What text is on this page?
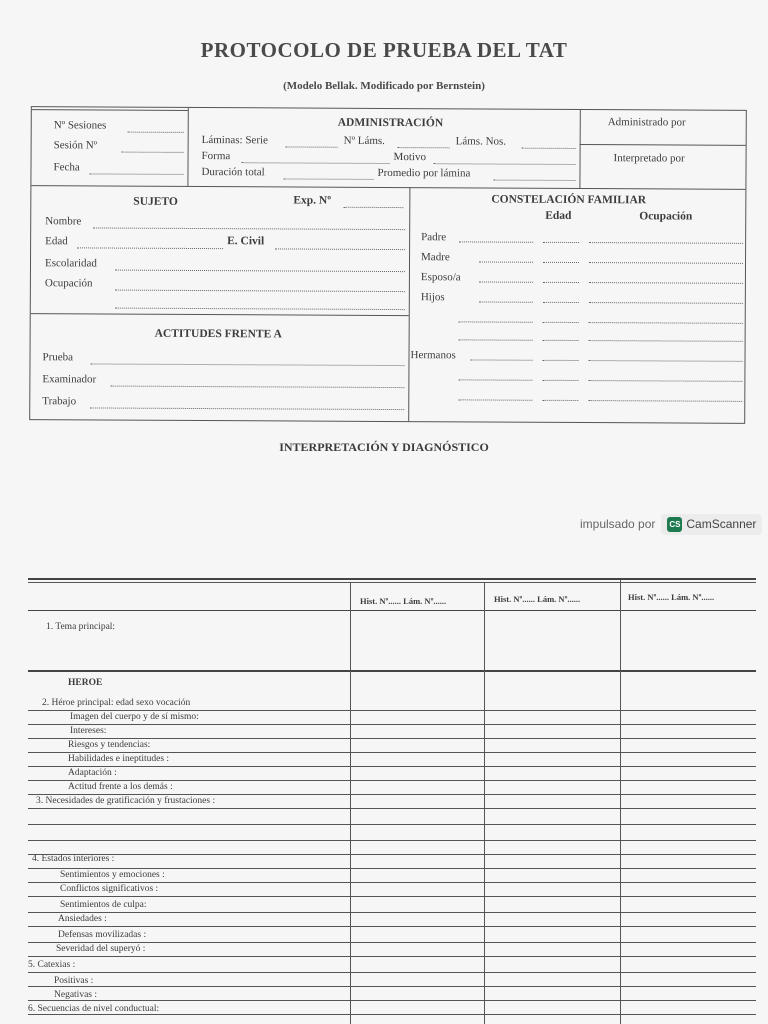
PROTOCOLO DE PRUEBA DEL TAT
(Modelo Bellak. Modificado por Bernstein)
Nº Sesiones
Sesión Nº
Fecha
ADMINISTRACIÓN
Láminas: Serie	Nº Láms.	Láms. Nos.
Forma	Motivo
Duración total	Promedio por lámina
Administrado por
Interpretado por
SUJETO	Exp. Nº
Nombre
Edad	E. Civil
Escolaridad
Ocupación
ACTITUDES FRENTE A
Prueba
Examinador
Trabajo
CONSTELACIÓN FAMILIAR
Edad	Ocupación
Padre
Madre
Esposo/a
Hijos
Hermanos
INTERPRETACIÓN Y DIAGNÓSTICO
impulsado por CS CamScanner
Hist. Nº...... Lám. Nº......	Hist. Nº...... Lám. Nº......	Hist. Nº...... Lám. Nº......
1. Tema principal:
HEROE
2. Héroe principal: edad sexo vocación
Imagen del cuerpo y de sí mismo:
Intereses:
Riesgos y tendencias:
Habilidades e ineptitudes :
Adaptación :
Actitud frente a los demás :
3. Necesidades de gratificación y frustaciones :
4. Estados interiores :
Sentimientos y emociones :
Conflictos significativos :
Sentimientos de culpa:
Ansiedades :
Defensas movilizadas :
Severidad del superyó :
5. Catexias :
Positivas :
Negativas :
6. Secuencias de nivel conductual:
